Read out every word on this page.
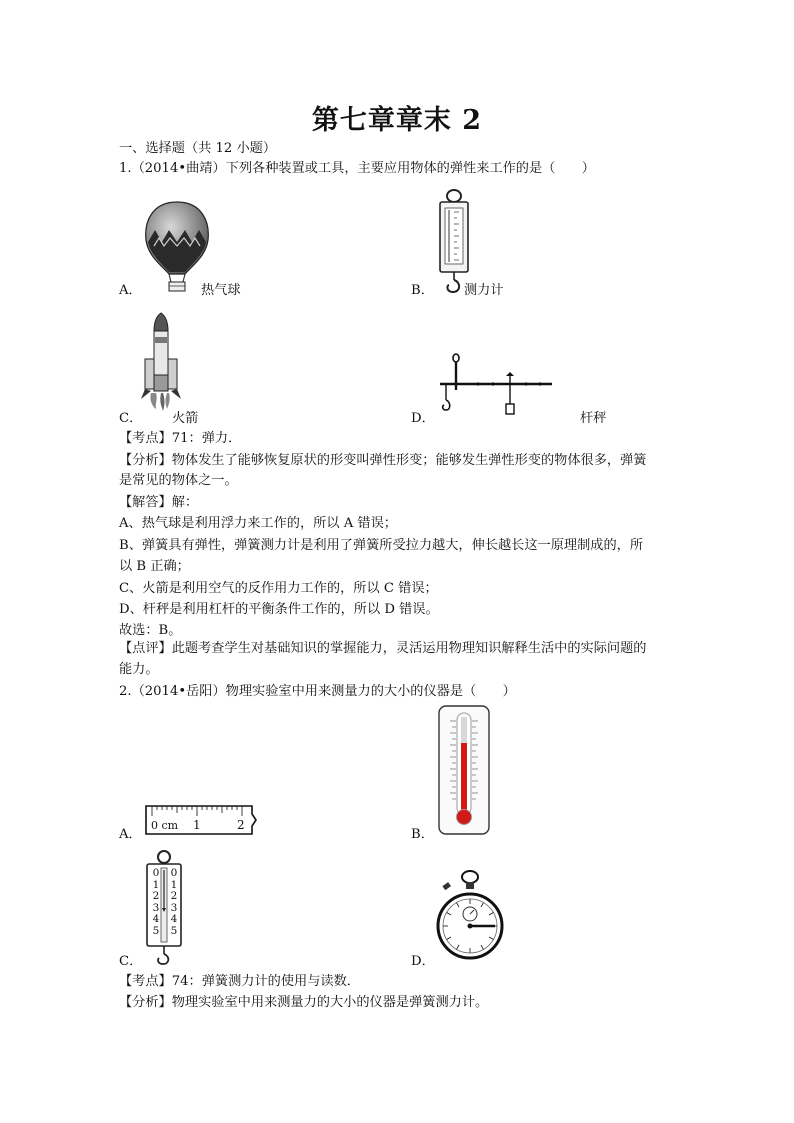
第七章章末 2
一、选择题（共 12 小题）
1.（2014•曲靖）下列各种装置或工具，主要应用物体的弹性来工作的是（　　）
A．	热气球	B． 测力计
C． 火箭	D．	杆秤
【考点】71：弹力．
【分析】物体发生了能够恢复原状的形变叫弹性形变；能够发生弹性形变的物体很多，弹簧
是常见的物体之一。
【解答】解：
A、热气球是利用浮力来工作的，所以 A 错误；
B、弹簧具有弹性，弹簧测力计是利用了弹簧所受拉力越大，伸长越长这一原理制成的，所
以 B 正确；
C、火箭是利用空气的反作用力工作的，所以 C 错误；
D、杆秤是利用杠杆的平衡条件工作的，所以 D 错误。
故选：B。
【点评】此题考查学生对基础知识的掌握能力，灵活运用物理知识解释生活中的实际问题的
能力。
2.（2014•岳阳）物理实验室中用来测量力的大小的仪器是（　　）
0 cm 1	2
A．	B．
0
1
2
3
4
5
0
1
2
3
4
5
C．	D．
【考点】74：弹簧测力计的使用与读数．
【分析】物理实验室中用来测量力的大小的仪器是弹簧测力计。
